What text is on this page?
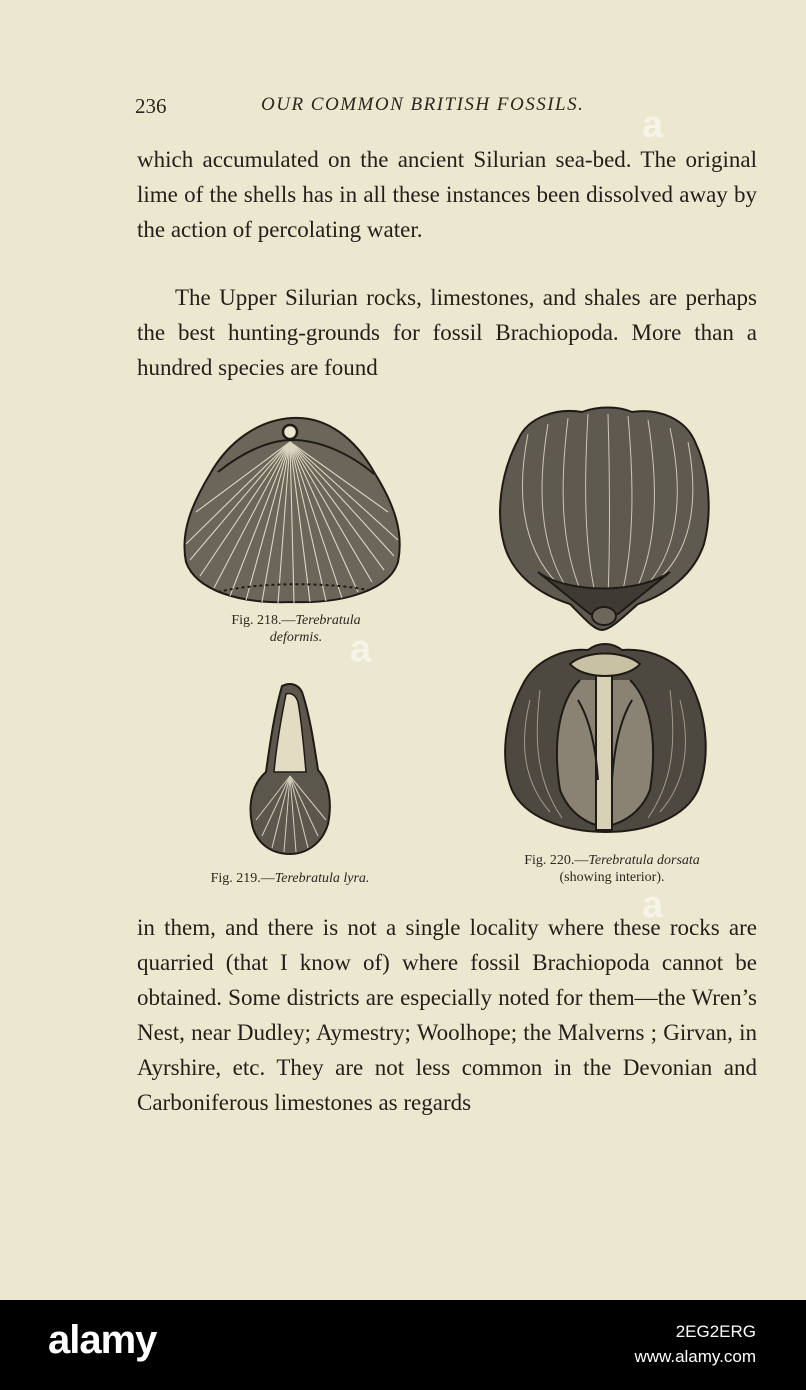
236	OUR COMMON BRITISH FOSSILS.

which accumulated on the ancient Silurian sea-bed. The original lime of the shells has in all these instances been dissolved away by the action of percolating water.

The Upper Silurian rocks, limestones, and shales are perhaps the best hunting-grounds for fossil Brachiopoda. More than a hundred species are found

Fig. 218.—Terebratula
deformis.
Fig. 219.—Terebratula lyra.
Fig. 220.—Terebratula dorsata
(showing interior).

in them, and there is not a single locality where these rocks are quarried (that I know of) where fossil Brachiopoda cannot be obtained. Some districts are especially noted for them—the Wren’s Nest, near Dudley; Aymestry; Woolhope; the Malverns ; Girvan, in Ayrshire, etc. They are not less common in the Devonian and Carboniferous limestones as regards

a
a
a
alamy	2EG2ERG
www.alamy.com
